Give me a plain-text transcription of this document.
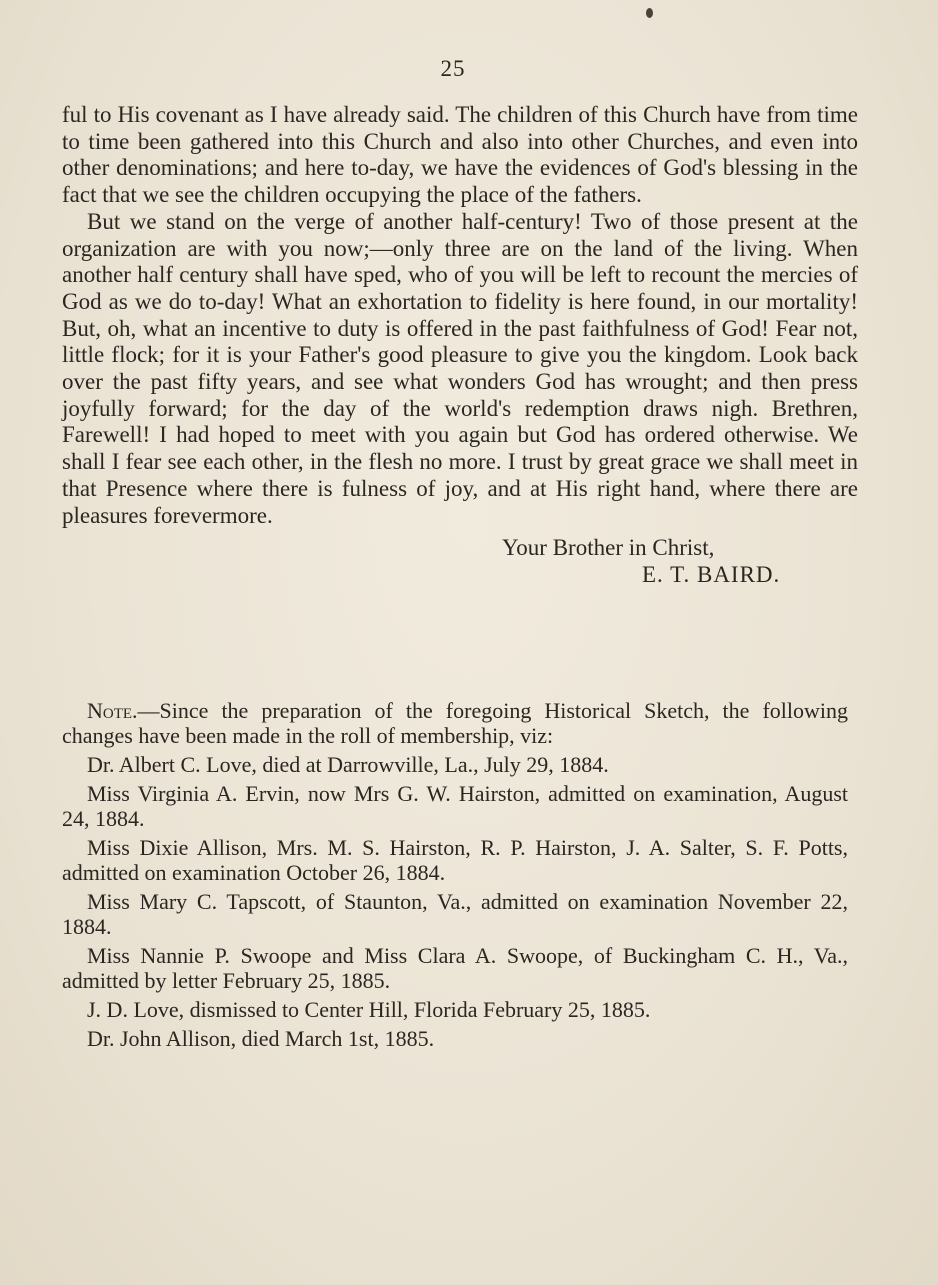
25

ful to His covenant as I have already said. The children of this Church have from time to time been gathered into this Church and also into other Churches, and even into other denominations; and here to-day, we have the evidences of God's blessing in the fact that we see the children occupying the place of the fathers.

But we stand on the verge of another half-century! Two of those present at the organization are with you now;—only three are on the land of the living. When another half century shall have sped, who of you will be left to recount the mercies of God as we do to-day! What an exhortation to fidelity is here found, in our mortality! But, oh, what an incentive to duty is offered in the past faithfulness of God! Fear not, little flock; for it is your Father's good pleasure to give you the kingdom. Look back over the past fifty years, and see what wonders God has wrought; and then press joyfully forward; for the day of the world's redemption draws nigh. Brethren, Farewell! I had hoped to meet with you again but God has ordered otherwise. We shall I fear see each other, in the flesh no more. I trust by great grace we shall meet in that Presence where there is fulness of joy, and at His right hand, where there are pleasures forevermore.

Your Brother in Christ,
E. T. BAIRD.

Note.—Since the preparation of the foregoing Historical Sketch, the following changes have been made in the roll of membership, viz:

Dr. Albert C. Love, died at Darrowville, La., July 29, 1884.

Miss Virginia A. Ervin, now Mrs G. W. Hairston, admitted on examination, August 24, 1884.

Miss Dixie Allison, Mrs. M. S. Hairston, R. P. Hairston, J. A. Salter, S. F. Potts, admitted on examination October 26, 1884.

Miss Mary C. Tapscott, of Staunton, Va., admitted on examination November 22, 1884.

Miss Nannie P. Swoope and Miss Clara A. Swoope, of Buckingham C. H., Va., admitted by letter February 25, 1885.

J. D. Love, dismissed to Center Hill, Florida February 25, 1885.

Dr. John Allison, died March 1st, 1885.
